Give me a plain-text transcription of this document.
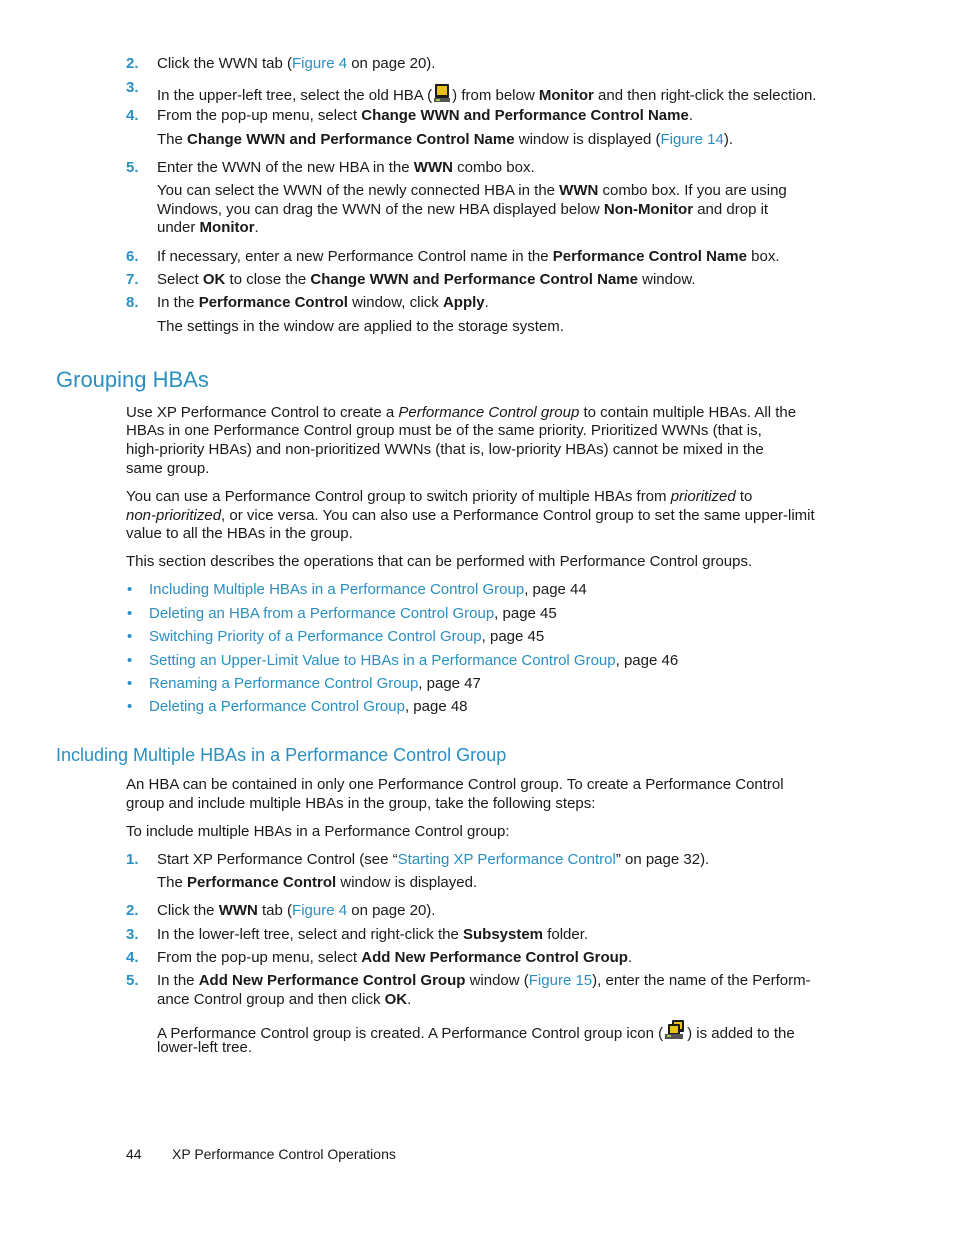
2. Click the WWN tab (Figure 4 on page 20).
3. In the upper-left tree, select the old HBA ( ) from below Monitor and then right-click the selection.
4. From the pop-up menu, select Change WWN and Performance Control Name.
The Change WWN and Performance Control Name window is displayed (Figure 14).
5. Enter the WWN of the new HBA in the WWN combo box.
You can select the WWN of the newly connected HBA in the WWN combo box. If you are using
Windows, you can drag the WWN of the new HBA displayed below Non-Monitor and drop it
under Monitor.
6. If necessary, enter a new Performance Control name in the Performance Control Name box.
7. Select OK to close the Change WWN and Performance Control Name window.
8. In the Performance Control window, click Apply.
The settings in the window are applied to the storage system.
Grouping HBAs
Use XP Performance Control to create a Performance Control group to contain multiple HBAs. All the
HBAs in one Performance Control group must be of the same priority. Prioritized WWNs (that is,
high-priority HBAs) and non-prioritized WWNs (that is, low-priority HBAs) cannot be mixed in the
same group.
You can use a Performance Control group to switch priority of multiple HBAs from prioritized to
non-prioritized, or vice versa. You can also use a Performance Control group to set the same upper-limit
value to all the HBAs in the group.
This section describes the operations that can be performed with Performance Control groups.
• Including Multiple HBAs in a Performance Control Group, page 44
• Deleting an HBA from a Performance Control Group, page 45
• Switching Priority of a Performance Control Group, page 45
• Setting an Upper-Limit Value to HBAs in a Performance Control Group, page 46
• Renaming a Performance Control Group, page 47
• Deleting a Performance Control Group, page 48
Including Multiple HBAs in a Performance Control Group
An HBA can be contained in only one Performance Control group. To create a Performance Control
group and include multiple HBAs in the group, take the following steps:
To include multiple HBAs in a Performance Control group:
1. Start XP Performance Control (see “Starting XP Performance Control” on page 32).
The Performance Control window is displayed.
2. Click the WWN tab (Figure 4 on page 20).
3. In the lower-left tree, select and right-click the Subsystem folder.
4. From the pop-up menu, select Add New Performance Control Group.
5. In the Add New Performance Control Group window (Figure 15), enter the name of the Perform-
ance Control group and then click OK.
A Performance Control group is created. A Performance Control group icon ( ) is added to the
lower-left tree.
44 XP Performance Control Operations
